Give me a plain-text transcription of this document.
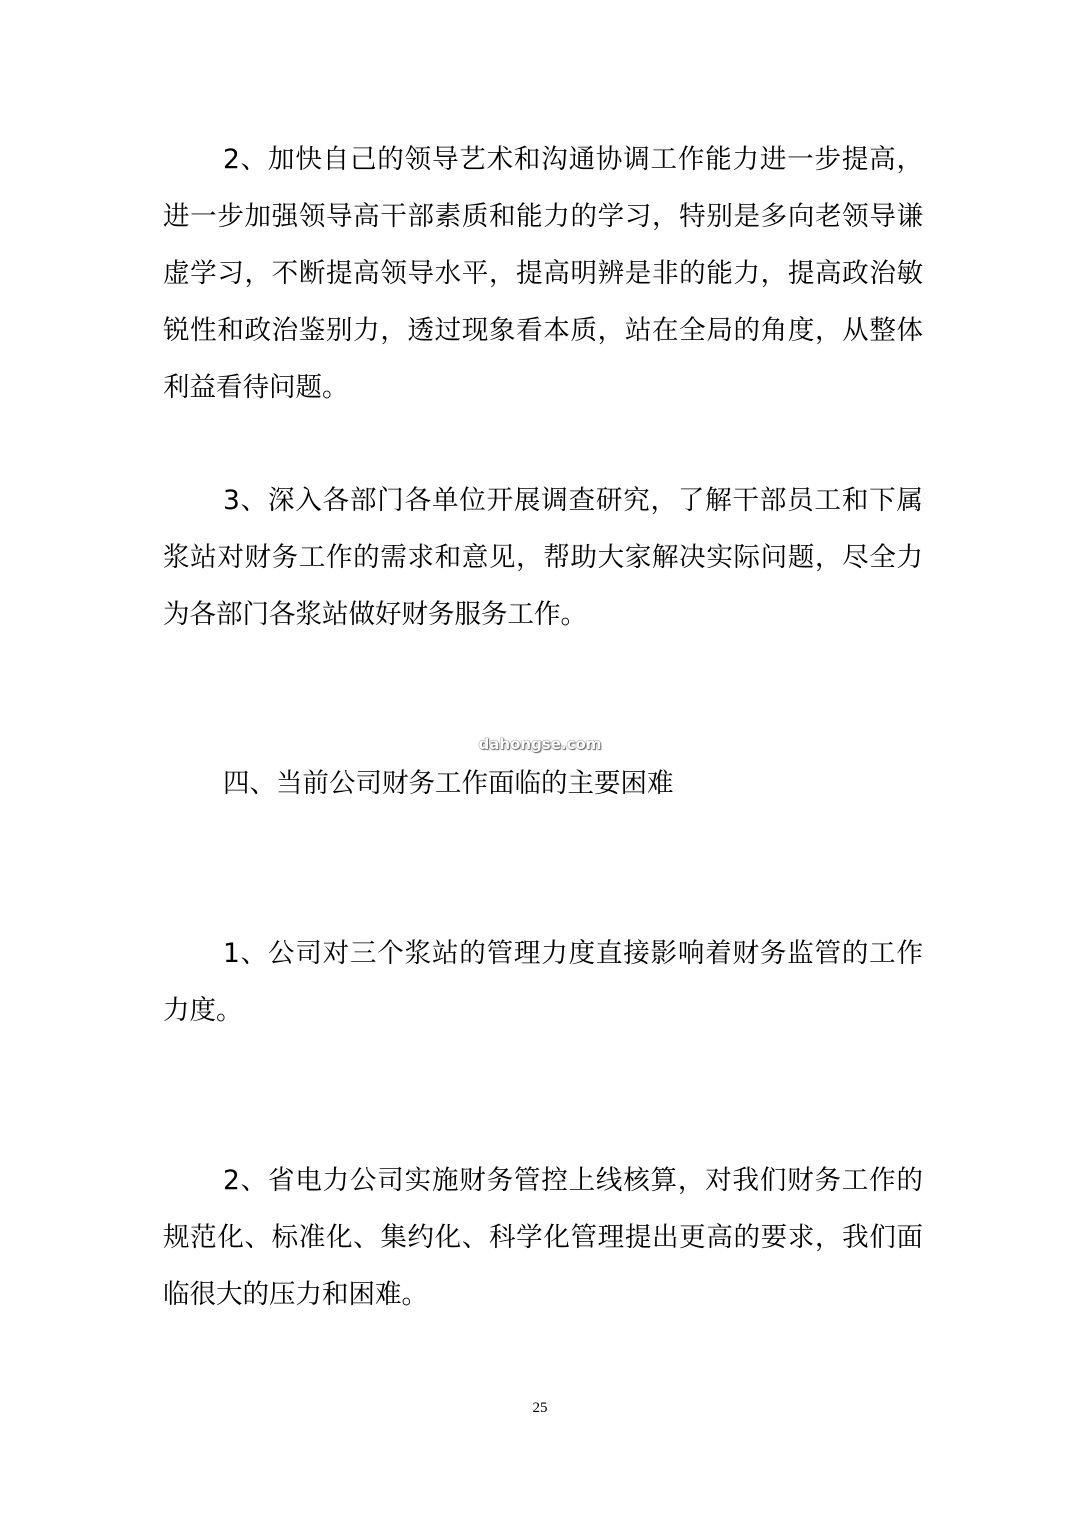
2、加快自己的领导艺术和沟通协调工作能力进一步提高，进一步加强领导高干部素质和能力的学习，特别是多向老领导谦虚学习，不断提高领导水平，提高明辨是非的能力，提高政治敏锐性和政治鉴别力，透过现象看本质，站在全局的角度，从整体利益看待问题。

3、深入各部门各单位开展调查研究，了解干部员工和下属浆站对财务工作的需求和意见，帮助大家解决实际问题，尽全力为各部门各浆站做好财务服务工作。

dahongse.com

四、当前公司财务工作面临的主要困难

1、公司对三个浆站的管理力度直接影响着财务监管的工作力度。

2、省电力公司实施财务管控上线核算，对我们财务工作的规范化、标准化、集约化、科学化管理提出更高的要求，我们面临很大的压力和困难。

25
